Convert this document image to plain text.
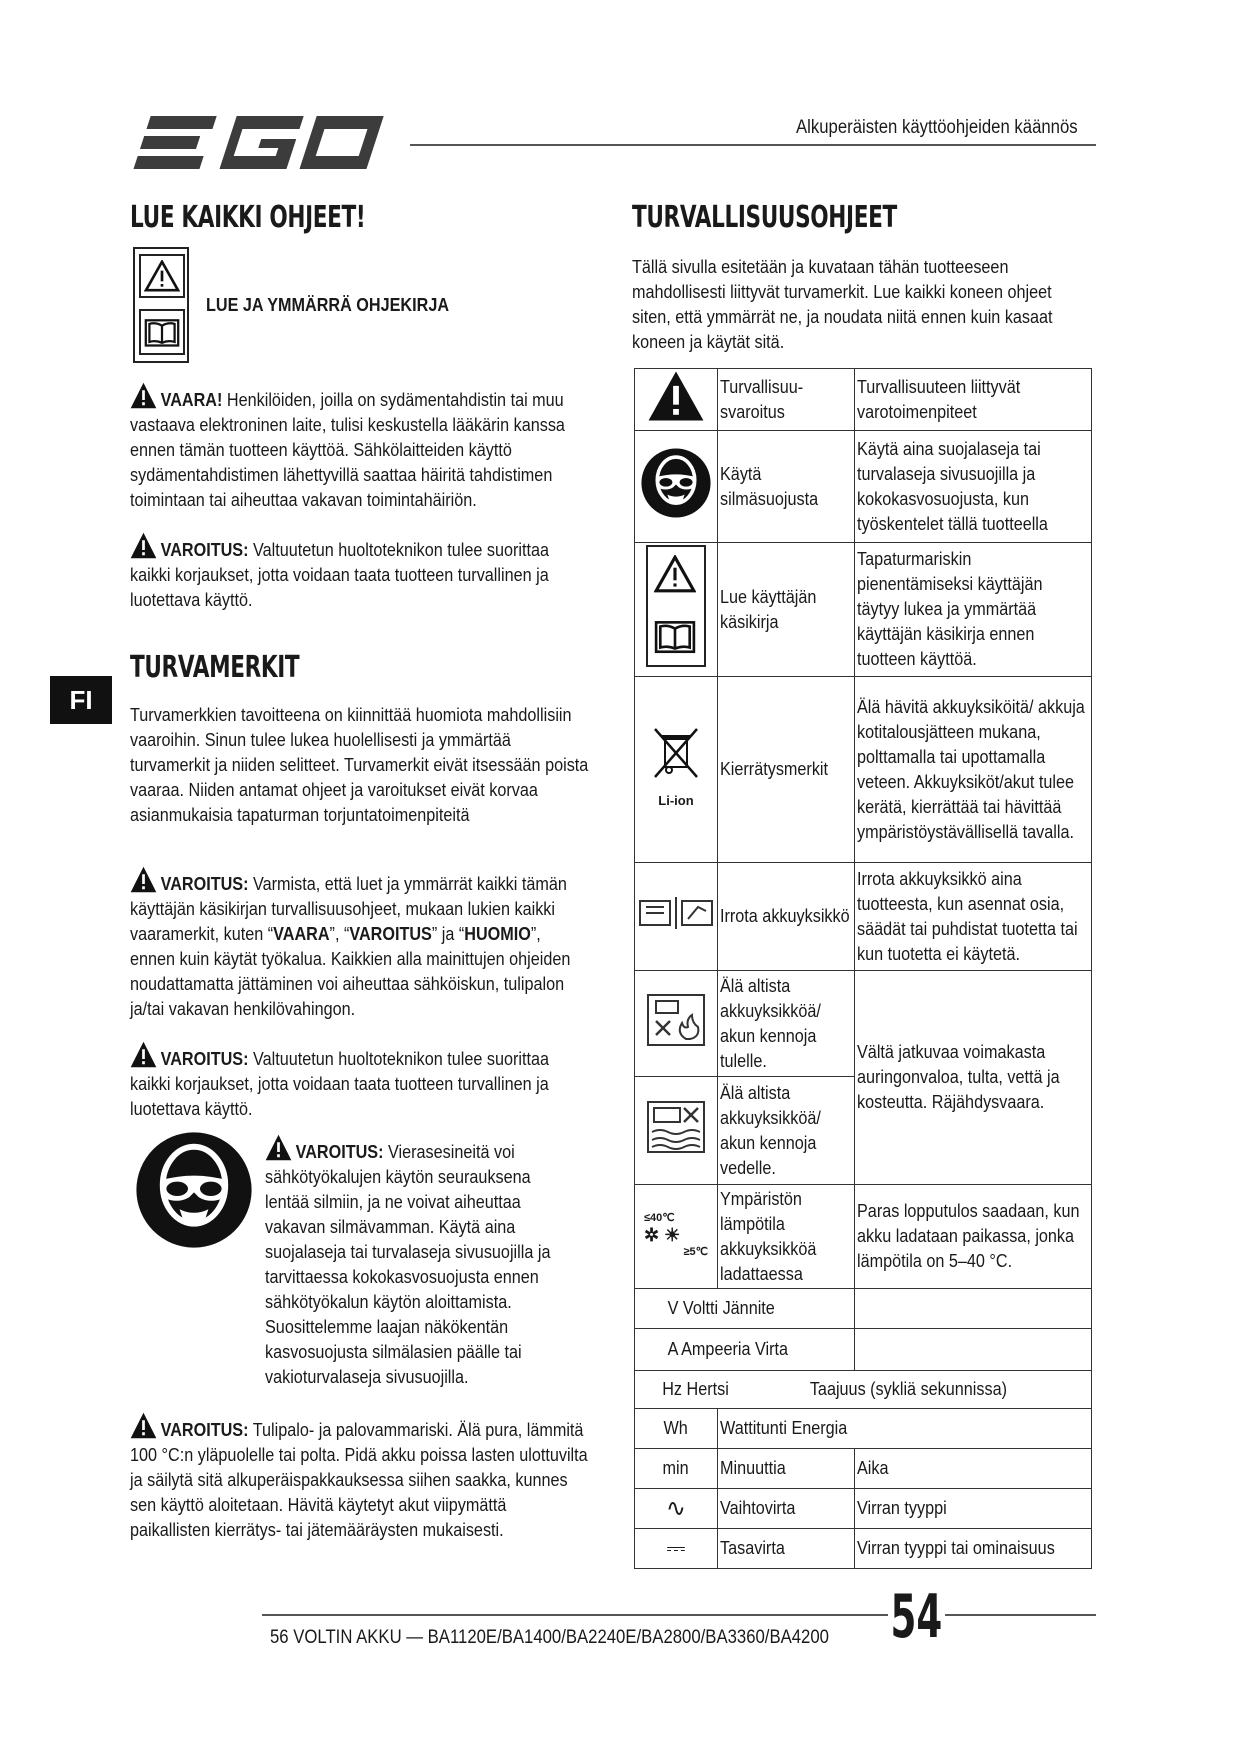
Alkuperäisten käyttöohjeiden käännös
FI
LUE KAIKKI OHJEET!
LUE JA YMMÄRRÄ OHJEKIRJA
VAARA! Henkilöiden, joilla on sydämentahdistin tai muu vastaava elektroninen laite, tulisi keskustella lääkärin kanssa ennen tämän tuotteen käyttöä. Sähkölaitteiden käyttö sydämentahdistimen lähettyvillä saattaa häiritä tahdistimen toimintaan tai aiheuttaa vakavan toimintahäiriön.
VAROITUS: Valtuutetun huoltoteknikon tulee suorittaa kaikki korjaukset, jotta voidaan taata tuotteen turvallinen ja luotettava käyttö.
TURVAMERKIT
Turvamerkkien tavoitteena on kiinnittää huomiota mahdollisiin vaaroihin. Sinun tulee lukea huolellisesti ja ymmärtää turvamerkit ja niiden selitteet. Turvamerkit eivät itsessään poista vaaraa. Niiden antamat ohjeet ja varoitukset eivät korvaa asianmukaisia tapaturman torjuntatoimenpiteitä
VAROITUS: Varmista, että luet ja ymmärrät kaikki tämän käyttäjän käsikirjan turvallisuusohjeet, mukaan lukien kaikki vaaramerkit, kuten “VAARA”, “VAROITUS” ja “HUOMIO”, ennen kuin käytät työkalua. Kaikkien alla mainittujen ohjeiden noudattamatta jättäminen voi aiheuttaa sähköiskun, tulipalon ja/tai vakavan henkilövahingon.
VAROITUS: Valtuutetun huoltoteknikon tulee suorittaa kaikki korjaukset, jotta voidaan taata tuotteen turvallinen ja luotettava käyttö.
VAROITUS: Vierasesineitä voi sähkötyökalujen käytön seurauksena lentää silmiin, ja ne voivat aiheuttaa vakavan silmävamman. Käytä aina suojalaseja tai turvalaseja sivusuojilla ja tarvittaessa kokokasvosuojusta ennen sähkötyökalun käytön aloittamista. Suosittelemme laajan näkökentän kasvosuojusta silmälasien päälle tai vakioturvalaseja sivusuojilla.
VAROITUS: Tulipalo- ja palovammariski. Älä pura, lämmitä 100 °C:n yläpuolelle tai polta. Pidä akku poissa lasten ulottuvilta ja säilytä sitä alkuperäispakkauksessa siihen saakka, kunnes sen käyttö aloitetaan. Hävitä käytetyt akut viipymättä paikallisten kierrätys- tai jätemääräysten mukaisesti.
TURVALLISUUSOHJEET
Tällä sivulla esitetään ja kuvataan tähän tuotteeseen mahdollisesti liittyvät turvamerkit. Lue kaikki koneen ohjeet siten, että ymmärrät ne, ja noudata niitä ennen kuin kasaat koneen ja käytät sitä.
	Turvallisuu-svaroitus	Turvallisuuteen liittyvät varotoimenpiteet
	Käytä silmäsuojusta	Käytä aina suojalaseja tai turvalaseja sivusuojilla ja kokokasvosuojusta, kun työskentelet tällä tuotteella

	Lue käyttäjän käsikirja	Tapaturmariskin pienentämiseksi käyttäjän täytyy lukea ja ymmärtää käyttäjän käsikirja ennen tuotteen käyttöä.

Li-ion	Kierrätysmerkit	Älä hävitä akkuyksiköitä/ akkuja kotitalousjätteen mukana, polttamalla tai upottamalla veteen. Akkuyksiköt/akut tulee kerätä, kierrättää tai hävittää ympäristöystävällisellä tavalla.
	Irrota akkuyksikkö	Irrota akkuyksikkö aina tuotteesta, kun asennat osia, säädät tai puhdistat tuotetta tai kun tuotetta ei käytetä.
	Älä altista akkuyksikköä/ akun kennoja tulelle.	Vältä jatkuvaa voimakasta auringonvaloa, tulta, vettä ja kosteutta. Räjähdysvaara.
	Älä altista akkuyksikköä/ akun kennoja vedelle.	

≤40℃
✲ ☀
≥5℃	Ympäristön lämpötila akkuyksikköä ladattaessa	Paras lopputulos saadaan, kun akku ladataan paikassa, jonka lämpötila on 5–40 °C.
V Voltti Jännite		
A Ampeeria Virta		
Hz Hertsi Taajuus (sykliä sekunnissa)		
Wh	Wattitunti Energia	
min	Minuuttia	Aika
∿	Vaihtovirta	Virran tyyppi
⎓	Tasavirta	Virran tyyppi tai ominaisuus
56 VOLTIN AKKU — BA1120E/BA1400/BA2240E/BA2800/BA3360/BA4200 54
